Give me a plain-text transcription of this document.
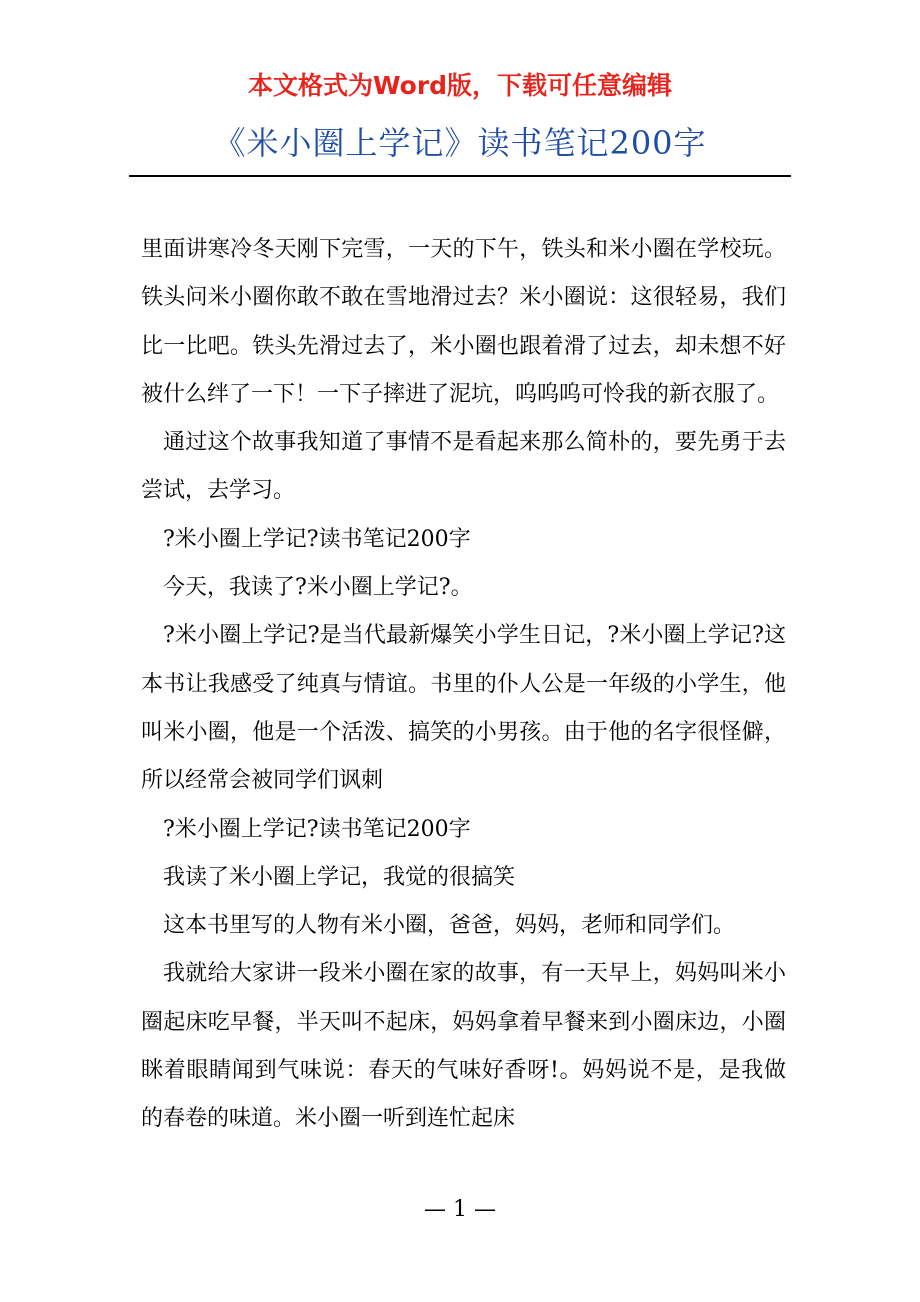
本文格式为Word版，下载可任意编辑
《米小圈上学记》读书笔记200字

里面讲寒冷冬天刚下完雪，一天的下午，铁头和米小圈在学校玩。铁头问米小圈你敢不敢在雪地滑过去？米小圈说：这很轻易，我们比一比吧。铁头先滑过去了，米小圈也跟着滑了过去，却未想不好被什么绊了一下！一下子摔进了泥坑，呜呜呜可怜我的新衣服了。

通过这个故事我知道了事情不是看起来那么简朴的，要先勇于去尝试，去学习。

?米小圈上学记?读书笔记200字

今天，我读了?米小圈上学记?。

?米小圈上学记?是当代最新爆笑小学生日记，?米小圈上学记?这本书让我感受了纯真与情谊。书里的仆人公是一年级的小学生，他叫米小圈，他是一个活泼、搞笑的小男孩。由于他的名字很怪僻，所以经常会被同学们讽刺

?米小圈上学记?读书笔记200字

我读了米小圈上学记，我觉的很搞笑

这本书里写的人物有米小圈，爸爸，妈妈，老师和同学们。

我就给大家讲一段米小圈在家的故事，有一天早上，妈妈叫米小圈起床吃早餐，半天叫不起床，妈妈拿着早餐来到小圈床边，小圈眯着眼睛闻到气味说：春天的气味好香呀!。妈妈说不是，是我做的春卷的味道。米小圈一听到连忙起床

— 1 —
